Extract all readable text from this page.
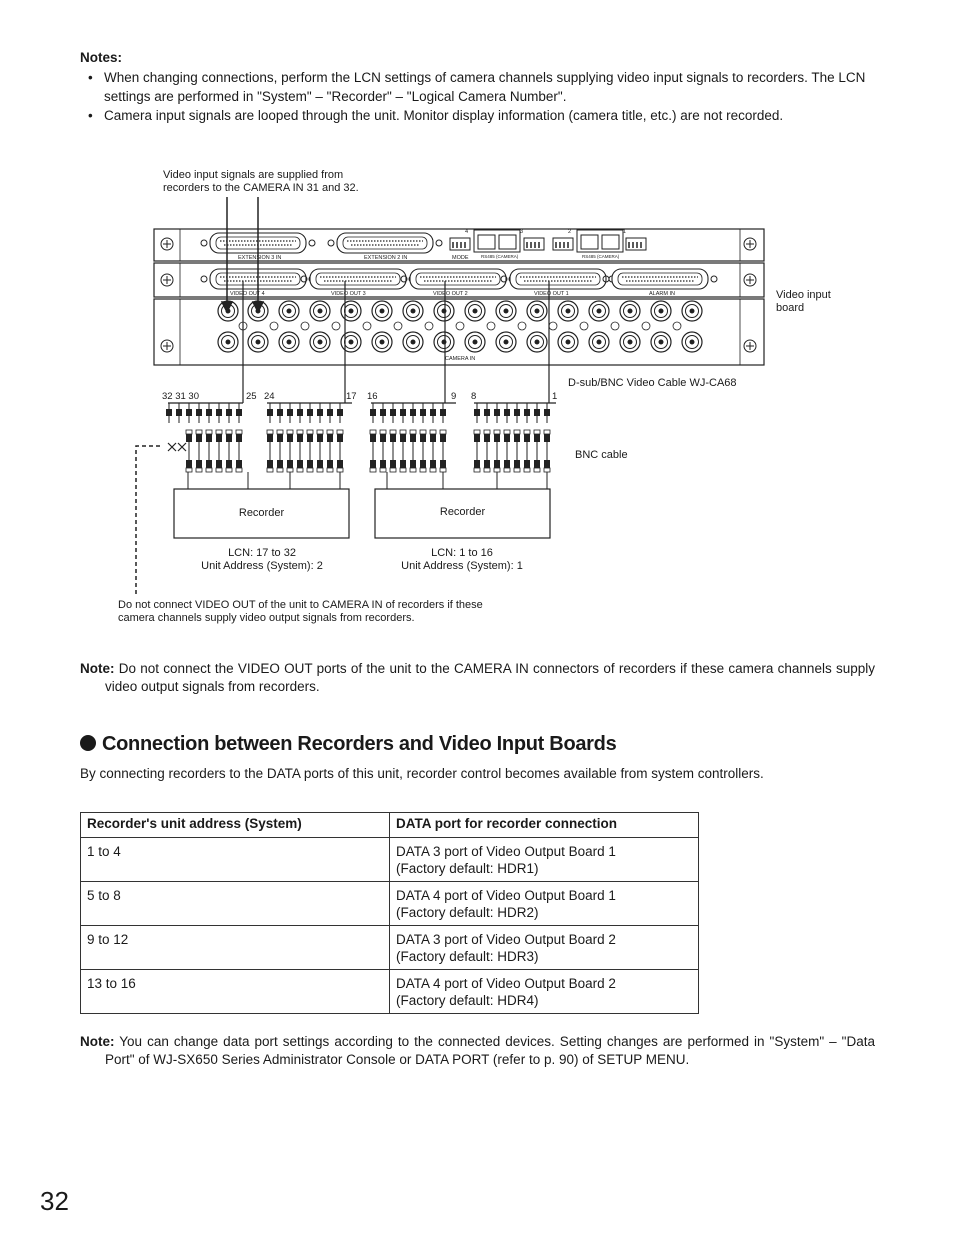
Notes:
• When changing connections, perform the LCN settings of camera channels supplying video input signals to recorders. The LCN settings are performed in "System" – "Recorder" – "Logical Camera Number".
• Camera input signals are looped through the unit. Monitor display information (camera title, etc.) are not recorded.
EXTENSION 3 IN	EXTENSION 2 IN	MODE	RS485 (CAMERA)	RS485 (CAMERA)
VIDEO OUT 4	VIDEO OUT 3	VIDEO OUT 2	VIDEO OUT 1	ALARM IN
CAMERA IN
4	3	2	1
Video input signals are supplied from
recorders to the CAMERA IN 31 and 32.
Video input
board
D-sub/BNC Video Cable WJ-CA68
BNC cable
32 31 30	25 24	17 16	9 8	1
Recorder	Recorder
LCN: 17 to 32
Unit Address (System): 2
LCN: 1 to 16
Unit Address (System): 1
Do not connect VIDEO OUT of the unit to CAMERA IN of recorders if these
camera channels supply video output signals from recorders.
Note: Do not connect the VIDEO OUT ports of the unit to the CAMERA IN connectors of recorders if these camera channels supply video output signals from recorders.
Connection between Recorders and Video Input Boards
By connecting recorders to the DATA ports of this unit, recorder control becomes available from system controllers.
Recorder's unit address (System)	DATA port for recorder connection
1 to 4	DATA 3 port of Video Output Board 1
(Factory default: HDR1)

5 to 8	DATA 4 port of Video Output Board 1
(Factory default: HDR2)

9 to 12	DATA 3 port of Video Output Board 2
(Factory default: HDR3)

13 to 16	DATA 4 port of Video Output Board 2
(Factory default: HDR4)
Note: You can change data port settings according to the connected devices. Setting changes are performed in "System" – "Data Port" of WJ-SX650 Series Administrator Console or DATA PORT (refer to p. 90) of SETUP MENU.
32
